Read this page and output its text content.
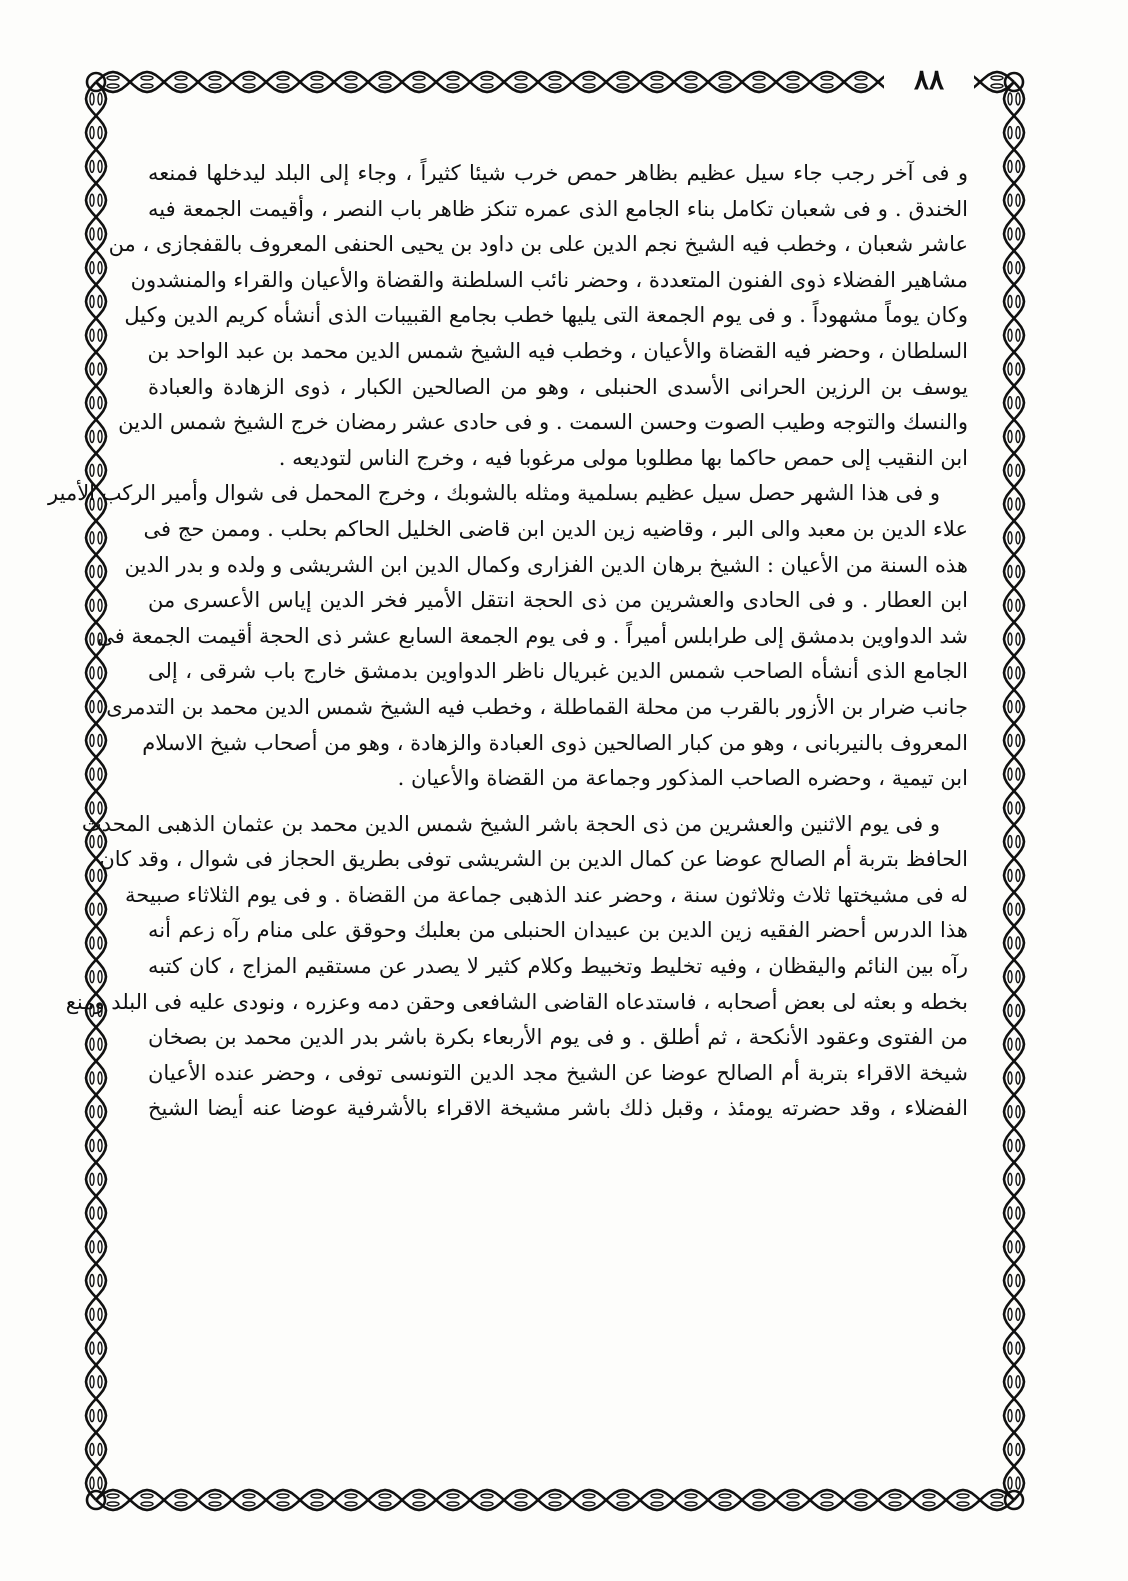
٨٨
و فى آخر رجب جاء سيل عظيم بظاهر حمص خرب شيئا كثيراً ، وجاء إلى البلد ليدخلها فمنعه
الخندق . و فى شعبان تكامل بناء الجامع الذى عمره تنكز ظاهر باب النصر ، وأقيمت الجمعة فيه
عاشر شعبان ، وخطب فيه الشيخ نجم الدين على بن داود بن يحيى الحنفى المعروف بالقفجازى ، من
مشاهير الفضلاء ذوى الفنون المتعددة ، وحضر نائب السلطنة والقضاة والأعيان والقراء والمنشدون
وكان يوماً مشهوداً . و فى يوم الجمعة التى يليها خطب بجامع القبيبات الذى أنشأه كريم الدين وكيل
السلطان ، وحضر فيه القضاة والأعيان ، وخطب فيه الشيخ شمس الدين محمد بن عبد الواحد بن
يوسف بن الرزين الحرانى الأسدى الحنبلى ، وهو من الصالحين الكبار ، ذوى الزهادة والعبادة
والنسك والتوجه وطيب الصوت وحسن السمت . و فى حادى عشر رمضان خرج الشيخ شمس الدين
ابن النقيب إلى حمص حاكما بها مطلوبا مولى مرغوبا فيه ، وخرج الناس لتوديعه .
و فى هذا الشهر حصل سيل عظيم بسلمية ومثله بالشوبك ، وخرج المحمل فى شوال وأمير الركب الأمير
علاء الدين بن معبد والى البر ، وقاضيه زين الدين ابن قاضى الخليل الحاكم بحلب . وممن حج فى
هذه السنة من الأعيان : الشيخ برهان الدين الفزارى وكمال الدين ابن الشريشى و ولده و بدر الدين
ابن العطار . و فى الحادى والعشرين من ذى الحجة انتقل الأمير فخر الدين إياس الأعسرى من
شد الدواوين بدمشق إلى طرابلس أميراً . و فى يوم الجمعة السابع عشر ذى الحجة أقيمت الجمعة فى
الجامع الذى أنشأه الصاحب شمس الدين غبريال ناظر الدواوين بدمشق خارج باب شرقى ، إلى
جانب ضرار بن الأزور بالقرب من محلة القماطلة ، وخطب فيه الشيخ شمس الدين محمد بن التدمرى
المعروف بالنيربانى ، وهو من كبار الصالحين ذوى العبادة والزهادة ، وهو من أصحاب شيخ الاسلام
ابن تيمية ، وحضره الصاحب المذكور وجماعة من القضاة والأعيان .
و فى يوم الاثنين والعشرين من ذى الحجة باشر الشيخ شمس الدين محمد بن عثمان الذهبى المحدث
الحافظ بتربة أم الصالح عوضا عن كمال الدين بن الشريشى توفى بطريق الحجاز فى شوال ، وقد كان
له فى مشيختها ثلاث وثلاثون سنة ، وحضر عند الذهبى جماعة من القضاة . و فى يوم الثلاثاء صبيحة
هذا الدرس أحضر الفقيه زين الدين بن عبيدان الحنبلى من بعلبك وحوقق على منام رآه زعم أنه
رآه بين النائم واليقظان ، وفيه تخليط وتخبيط وكلام كثير لا يصدر عن مستقيم المزاج ، كان كتبه
بخطه و بعثه لى بعض أصحابه ، فاستدعاه القاضى الشافعى وحقن دمه وعزره ، ونودى عليه فى البلد ومنع
من الفتوى وعقود الأنكحة ، ثم أطلق . و فى يوم الأربعاء بكرة باشر بدر الدين محمد بن بصخان
شيخة الاقراء بتربة أم الصالح عوضا عن الشيخ مجد الدين التونسى توفى ، وحضر عنده الأعيان
الفضلاء ، وقد حضرته يومئذ ، وقبل ذلك باشر مشيخة الاقراء بالأشرفية عوضا عنه أيضا الشيخ
